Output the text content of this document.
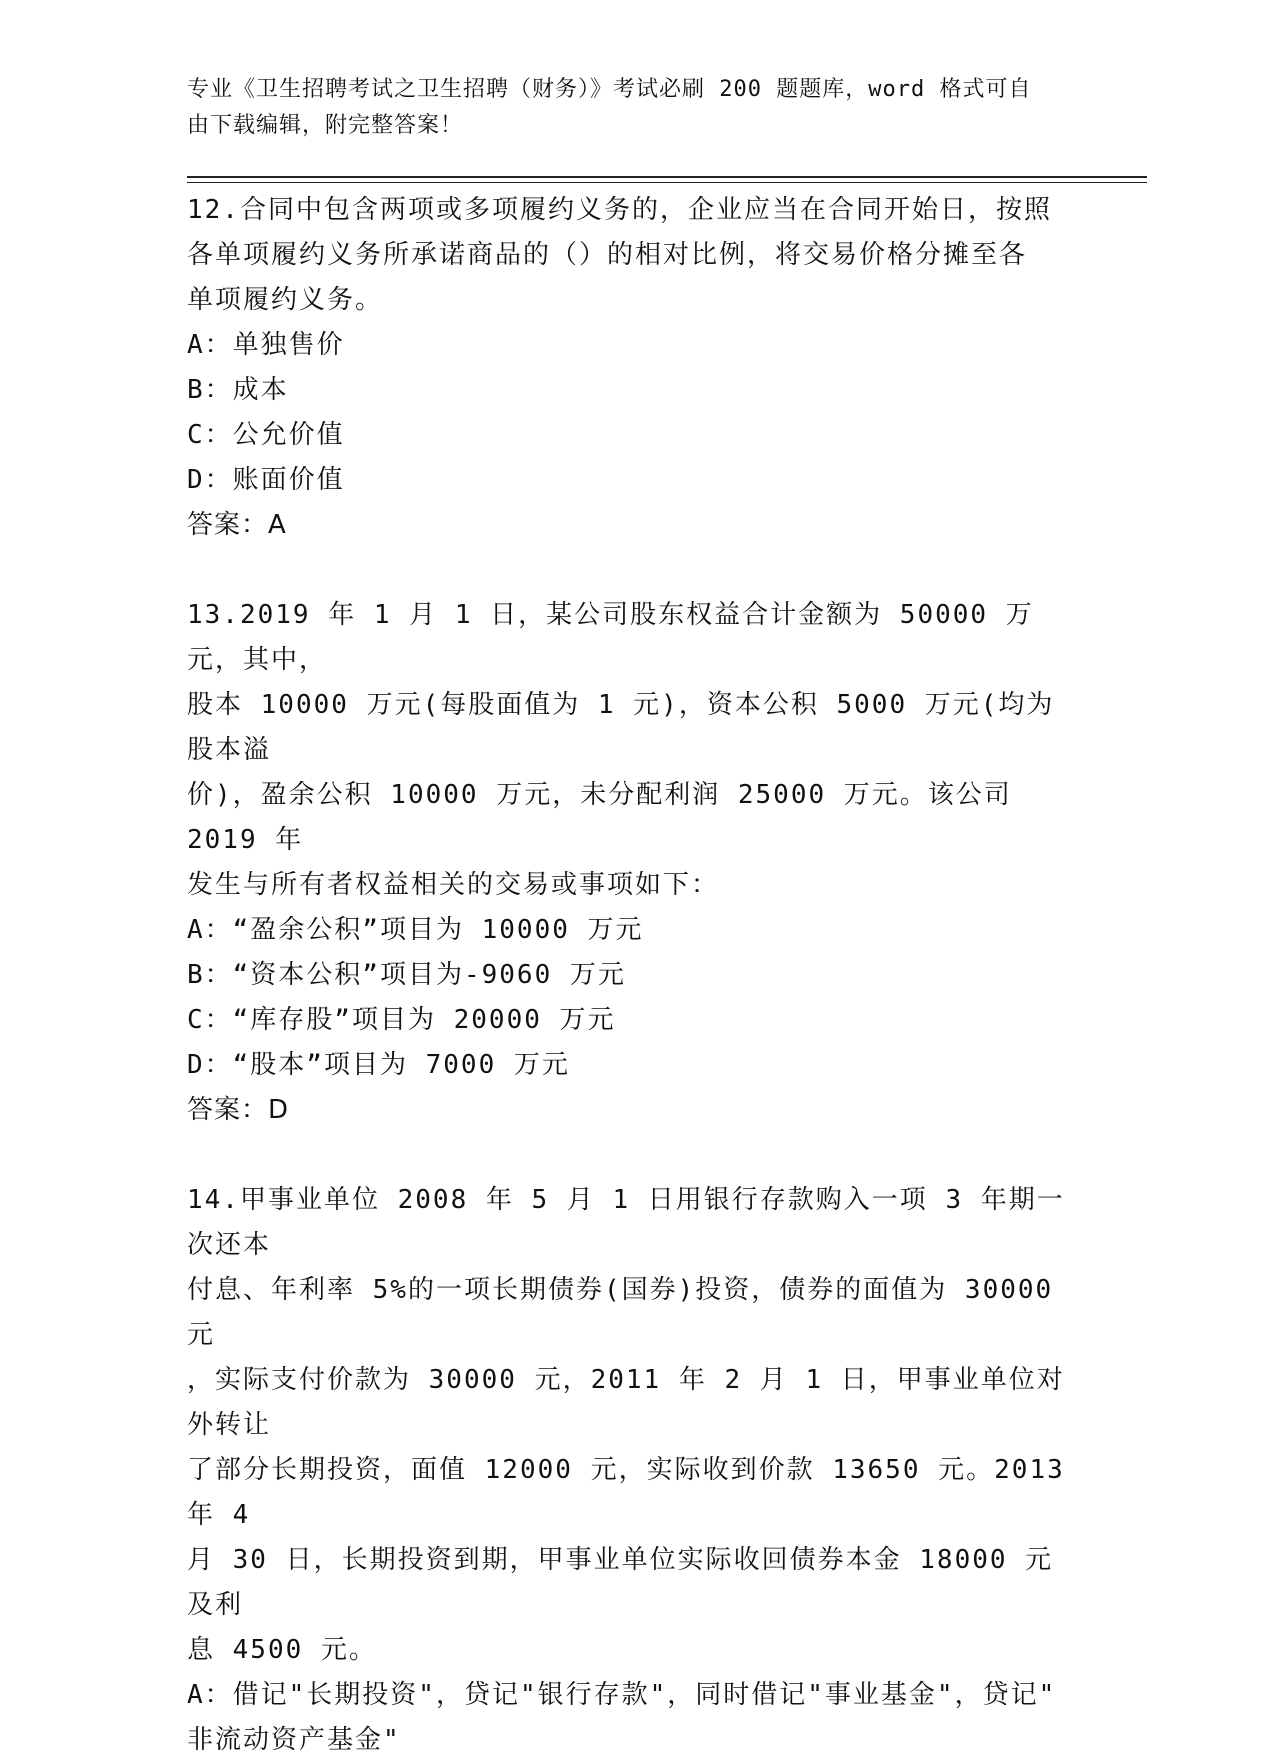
专业《卫生招聘考试之卫生招聘（财务）》考试必刷 200 题题库，word 格式可自
由下载编辑，附完整答案！

12.合同中包含两项或多项履约义务的，企业应当在合同开始日，按照

各单项履约义务所承诺商品的（）的相对比例，将交易价格分摊至各

单项履约义务。

A：单独售价

B：成本

C：公允价值

D：账面价值

答案：A

13.2019 年 1 月 1 日，某公司股东权益合计金额为 50000 万元，其中，

股本 10000 万元(每股面值为 1 元)，资本公积 5000 万元(均为股本溢

价)，盈余公积 10000 万元，未分配利润 25000 万元。该公司 2019 年

发生与所有者权益相关的交易或事项如下：

A：“盈余公积”项目为 10000 万元

B：“资本公积”项目为-9060 万元

C：“库存股”项目为 20000 万元

D：“股本”项目为 7000 万元

答案：D

14.甲事业单位 2008 年 5 月 1 日用银行存款购入一项 3 年期一次还本

付息、年利率 5%的一项长期债券(国券)投资，债券的面值为 30000 元

，实际支付价款为 30000 元，2011 年 2 月 1 日，甲事业单位对外转让

了部分长期投资，面值 12000 元，实际收到价款 13650 元。2013 年 4

月 30 日，长期投资到期，甲事业单位实际收回债券本金 18000 元及利

息 4500 元。

A：借记"长期投资"，贷记"银行存款"，同时借记"事业基金"，贷记"

非流动资产基金"
